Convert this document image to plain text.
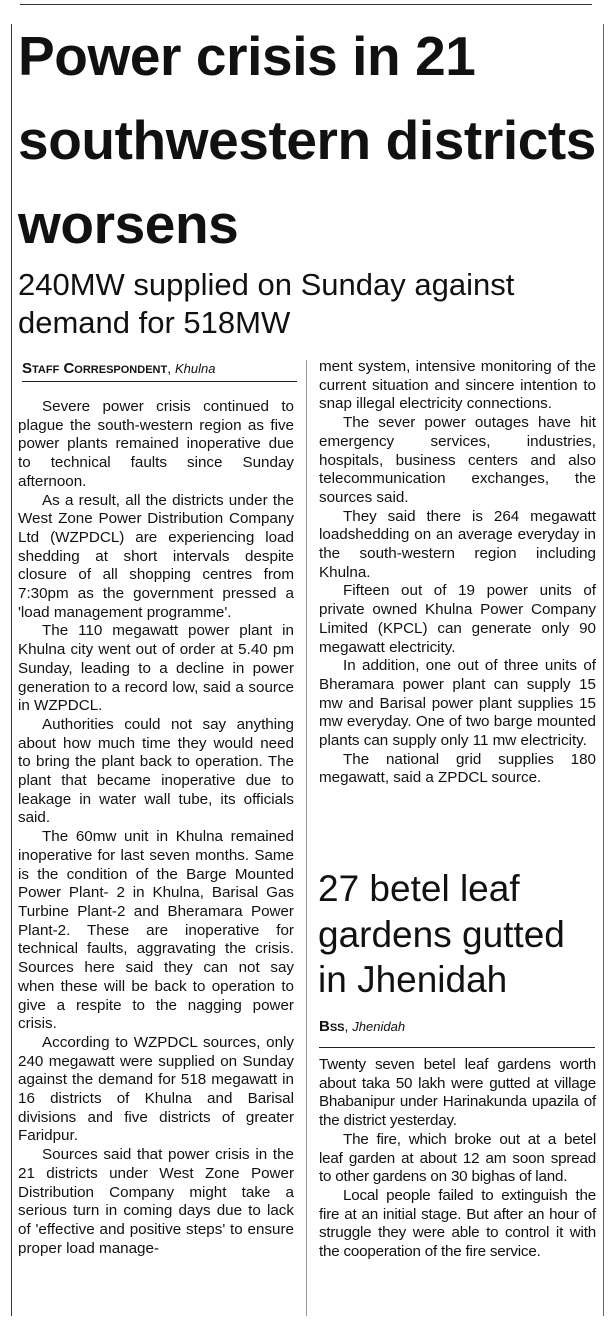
Power crisis in 21 southwestern districts worsens
240MW supplied on Sunday against demand for 518MW
Staff Correspondent, Khulna

Severe power crisis continued to plague the south-western region as five power plants remained inoperative due to technical faults since Sunday afternoon.

As a result, all the districts under the West Zone Power Distribution Company Ltd (WZPDCL) are experiencing load shedding at short intervals despite closure of all shopping centres from 7:30pm as the government pressed a 'load management programme'.

The 110 megawatt power plant in Khulna city went out of order at 5.40 pm Sunday, leading to a decline in power generation to a record low, said a source in WZPDCL.

Authorities could not say anything about how much time they would need to bring the plant back to operation. The plant that became inoperative due to leakage in water wall tube, its officials said.

The 60mw unit in Khulna remained inoperative for last seven months. Same is the condition of the Barge Mounted Power Plant- 2 in Khulna, Barisal Gas Turbine Plant-2 and Bheramara Power Plant-2. These are inoperative for technical faults, aggravating the crisis. Sources here said they can not say when these will be back to operation to give a respite to the nagging power crisis.

According to WZPDCL sources, only 240 megawatt were supplied on Sunday against the demand for 518 megawatt in 16 districts of Khulna and Barisal divisions and five districts of greater Faridpur.

Sources said that power crisis in the 21 districts under West Zone Power Distribution Company might take a serious turn in coming days due to lack of 'effective and positive steps' to ensure proper load manage-

ment system, intensive monitoring of the current situation and sincere intention to snap illegal electricity connections.

The sever power outages have hit emergency services, industries, hospitals, business centers and also telecommunication exchanges, the sources said.

They said there is 264 megawatt loadshedding on an average everyday in the south-western region including Khulna.

Fifteen out of 19 power units of private owned Khulna Power Company Limited (KPCL) can generate only 90 megawatt electricity.

In addition, one out of three units of Bheramara power plant can supply 15 mw and Barisal power plant supplies 15 mw everyday. One of two barge mounted plants can supply only 11 mw electricity.

The national grid supplies 180 megawatt, said a ZPDCL source.

27 betel leaf gardens gutted in Jhenidah
Bss, Jhenidah

Twenty seven betel leaf gardens worth about taka 50 lakh were gutted at village Bhabanipur under Harinakunda upazila of the district yesterday.

The fire, which broke out at a betel leaf garden at about 12 am soon spread to other gardens on 30 bighas of land.

Local people failed to extinguish the fire at an initial stage. But after an hour of struggle they were able to control it with the cooperation of the fire service.
